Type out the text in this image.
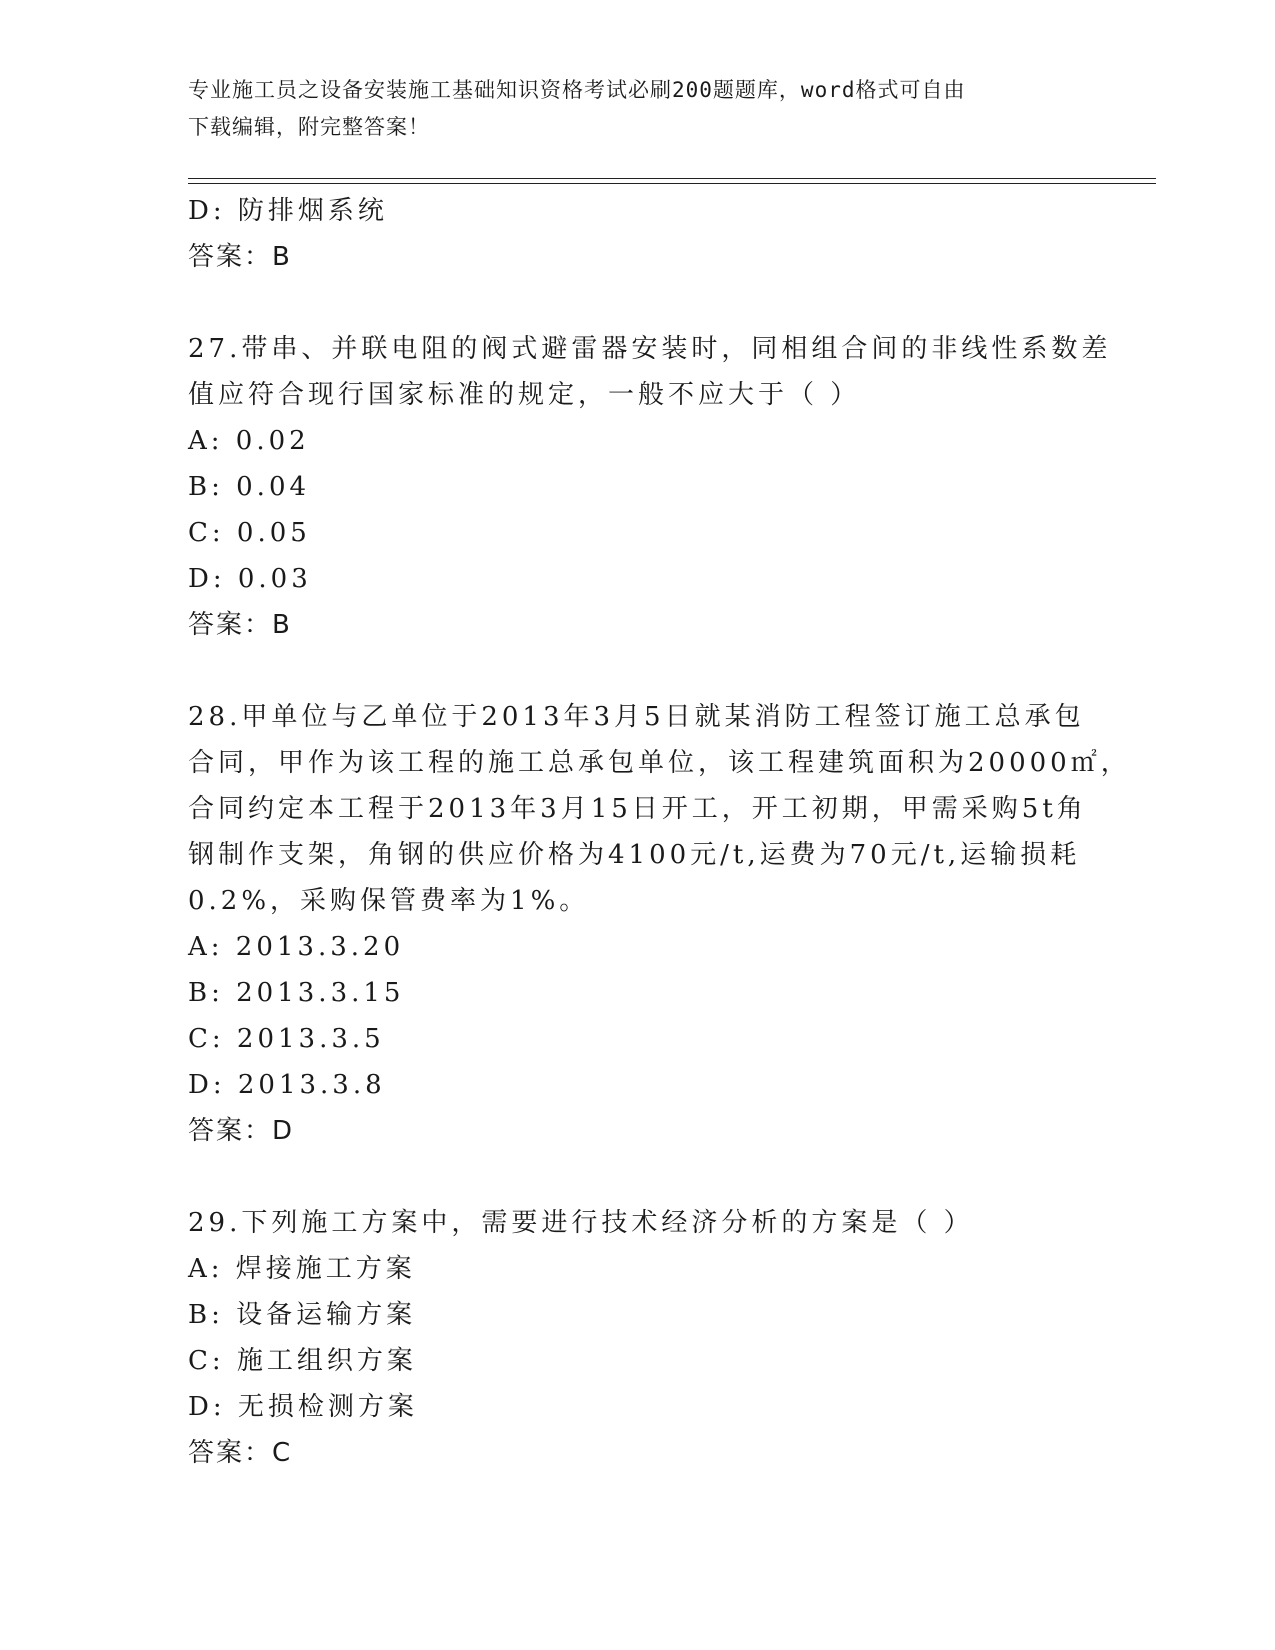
专业施工员之设备安装施工基础知识资格考试必刷200题题库，word格式可自由
下载编辑，附完整答案！
D: 防排烟系统
答案：B
27.带串、并联电阻的阀式避雷器安装时，同相组合间的非线性系数差
值应符合现行国家标准的规定，一般不应大于（ ）
A: 0.02
B: 0.04
C: 0.05
D: 0.03
答案：B
28.甲单位与乙单位于2013年3月5日就某消防工程签订施工总承包
合同，甲作为该工程的施工总承包单位，该工程建筑面积为20000㎡，
合同约定本工程于2013年3月15日开工，开工初期，甲需采购5t角
钢制作支架，角钢的供应价格为4100元/t,运费为70元/t,运输损耗
0.2%，采购保管费率为1%。
A: 2013.3.20
B: 2013.3.15
C: 2013.3.5
D: 2013.3.8
答案：D
29.下列施工方案中，需要进行技术经济分析的方案是（ ）
A: 焊接施工方案
B: 设备运输方案
C: 施工组织方案
D: 无损检测方案
答案：C
